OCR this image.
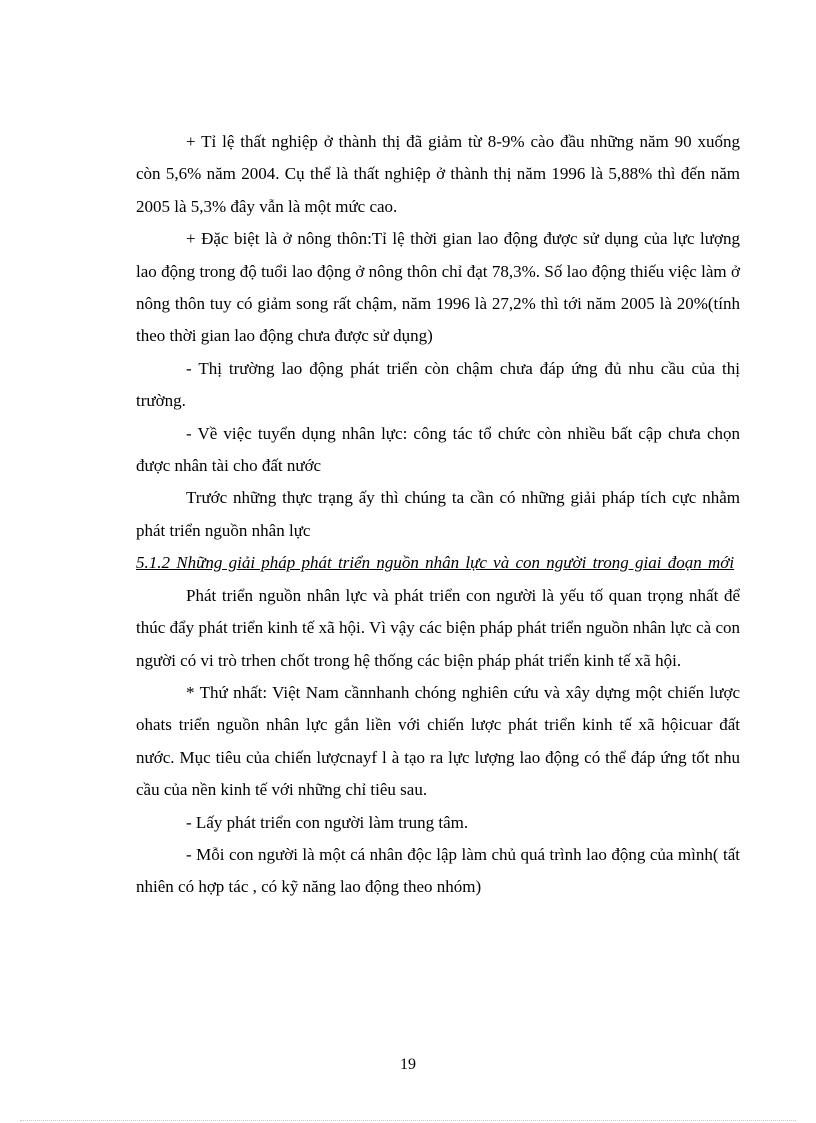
+ Tỉ lệ thất nghiệp ở thành thị đã giảm từ 8-9% cào đầu những năm 90 xuống còn 5,6% năm 2004. Cụ thể là thất nghiệp ở thành thị năm 1996 là 5,88% thì đến năm 2005 là 5,3% đây vẫn là một mức cao.

+ Đặc biệt là ở nông thôn:Tỉ lệ thời gian lao động được sử dụng của lực lượng lao động trong độ tuổi lao động ở nông thôn chỉ đạt 78,3%. Số lao động thiếu việc làm ở nông thôn tuy có giảm song rất chậm, năm 1996 là 27,2% thì tới năm 2005 là 20%(tính theo thời gian lao động chưa được sử dụng)

- Thị trường lao động phát triển còn chậm chưa đáp ứng đủ nhu cầu của thị trường.

- Về việc tuyển dụng nhân lực: công tác tổ chức còn nhiều bất cập chưa chọn được nhân tài cho đất nước

Trước những thực trạng ấy thì chúng ta cần có những giải pháp tích cực nhằm phát triển nguồn nhân lực

5.1.2 Những giải pháp phát triển nguồn nhân lực và con người trong giai đoạn mới

Phát triển nguồn nhân lực và phát triển con người là yếu tố quan trọng nhất để thúc đẩy phát triển kinh tế xã hội. Vì vậy các biện pháp phát triển nguồn nhân lực cà con người có vi trò trhen chốt trong hệ thống các biện pháp phát triển kinh tế xã hội.

* Thứ nhất: Việt Nam cầnnhanh chóng nghiên cứu và xây dựng một chiến lược ohats triển nguồn nhân lực gắn liền với chiến lược phát triển kinh tế xã hộicuar đất nước. Mục tiêu của chiến lượcnayf l à tạo ra lực lượng lao động có thể đáp ứng tốt nhu cầu của nền kinh tế với những chỉ tiêu sau.

- Lấy phát triển con người làm trung tâm.

- Mỗi con người là một cá nhân độc lập làm chủ quá trình lao động của mình( tất nhiên có hợp tác , có kỹ năng lao động theo nhóm)

19
